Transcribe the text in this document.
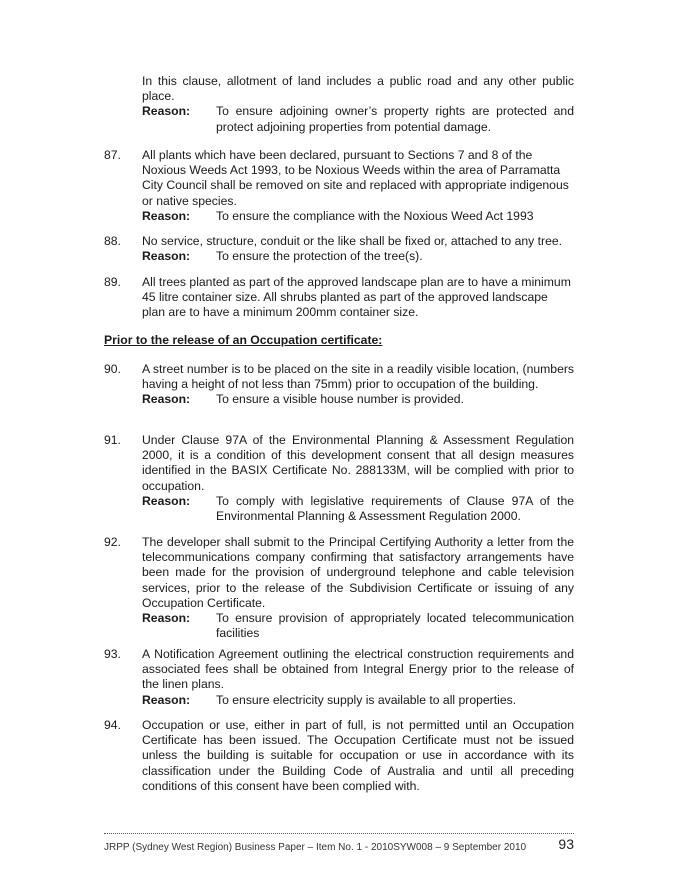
In this clause, allotment of land includes a public road and any other public place.
Reason:	To ensure adjoining owner’s property rights are protected and protect adjoining properties from potential damage.
87.	All plants which have been declared, pursuant to Sections 7 and 8 of the Noxious Weeds Act 1993, to be Noxious Weeds within the area of Parramatta City Council shall be removed on site and replaced with appropriate indigenous or native species.
Reason:	To ensure the compliance with the Noxious Weed Act 1993
88.	No service, structure, conduit or the like shall be fixed or, attached to any tree.
Reason:	To ensure the protection of the tree(s).
89.	All trees planted as part of the approved landscape plan are to have a minimum 45 litre container size. All shrubs planted as part of the approved landscape plan are to have a minimum 200mm container size.
Prior to the release of an Occupation certificate:
90.	A street number is to be placed on the site in a readily visible location, (numbers having a height of not less than 75mm) prior to occupation of the building.
Reason:	To ensure a visible house number is provided.
91.	Under Clause 97A of the Environmental Planning & Assessment Regulation 2000, it is a condition of this development consent that all design measures identified in the BASIX Certificate No. 288133M, will be complied with prior to occupation.
Reason:	To comply with legislative requirements of Clause 97A of the Environmental Planning & Assessment Regulation 2000.
92.	The developer shall submit to the Principal Certifying Authority a letter from the telecommunications company confirming that satisfactory arrangements have been made for the provision of underground telephone and cable television services, prior to the release of the Subdivision Certificate or issuing of any Occupation Certificate.
Reason:	To ensure provision of appropriately located telecommunication facilities
93.	A Notification Agreement outlining the electrical construction requirements and associated fees shall be obtained from Integral Energy prior to the release of the linen plans.
Reason:	To ensure electricity supply is available to all properties.
94.	Occupation or use, either in part of full, is not permitted until an Occupation Certificate has been issued. The Occupation Certificate must not be issued unless the building is suitable for occupation or use in accordance with its classification under the Building Code of Australia and until all preceding conditions of this consent have been complied with.
JRPP (Sydney West Region) Business Paper – Item No. 1 - 2010SYW008 – 9 September 2010 93
